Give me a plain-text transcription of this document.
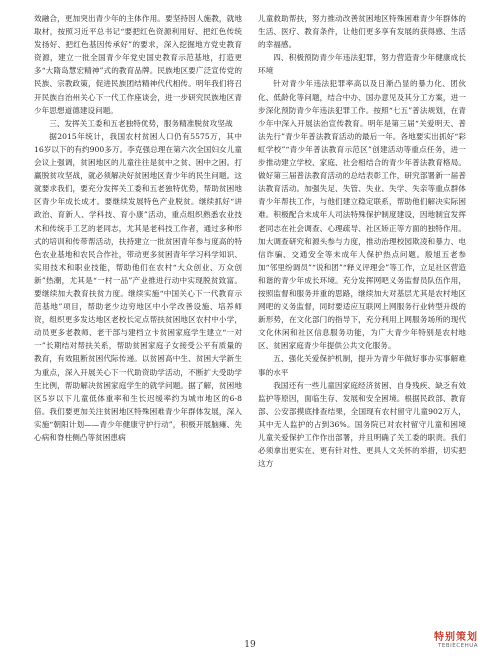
效融合，更加突出青少年的主体作用。要坚持因人施教，就地取材，按照习近平总书记“要把红色资源利用好、把红色传统发扬好、把红色基因传承好”的要求，深入挖掘地方党史教育资源，建立一批全国青少年党史国史教育示范基地，打造更多“大隋岛慧宏精神”式的教育品牌。民族地区要广泛宣传党的民族、宗教政策，促进民族团结精神代代相传。明年我们将召开民族自治州关心下一代工作座谈会，进一步研究民族地区青少年思想道德建设问题。

三、发挥关工委和五老独特优势，服务精准脱贫攻坚战

据2015年统计，我国农村贫困人口仍有5575万，其中16岁以下的有约900多万。李克强总理在第六次全国妇女儿童会议上强调，贫困地区的儿童往往是贫中之贫、困中之困。打赢脱贫攻坚战，就必须解决好贫困地区青少年的民生问题。这就要求我们，要充分发挥关工委和五老独特优势，帮助贫困地区青少年成长成才。要继续发展特色产业脱贫。继续抓好“讲政治、育新人、学科技、育小康”活动，重点组织熟悉农业技术和传统手工艺的老同志，尤其是老科技工作者，通过多种形式的培训和传带帮活动，扶持建立一批贫困青年参与度高的特色农业基地和农民合作社，带动更多贫困青年学习科学知识、实用技术和职业技能，帮助他们在农村“大众创业、万众创新”热潮，尤其是“一村一品”产业推进行动中实现脱贫致富。要继续加大教育扶贫力度。继续实施“中国关心下一代教育示范基地”项目，帮助老少边穷地区中小学改善设施、培养师资，组织更多发达地区老校长定点帮扶贫困地区农村中小学，动员更多老教师、老干部与建档立卡贫困家庭学生建立“一对一”长期结对帮扶关系，帮助贫困家庭子女接受公平有质量的教育，有效阻断贫困代际传递。以贫困高中生、贫困大学新生为重点，深入开展关心下一代助资助学活动，不断扩大受助学生比例，帮助解决贫困家庭学生的就学问题。据了解，贫困地区5岁以下儿童低体重率和生长迟缓率约为城市地区的6-8倍。我们要更加关注贫困地区特殊困难青少年群体发展，深入实施“朝阳计划——青少年健康守护行动”，积极开展脑瘫、先心病和脊柱侧凸等贫困患病

儿童救助帮扶，努力推动改善贫困地区特殊困难青少年群体的生活、医疗、教育条件，让他们更多享有发展的获得感、生活的幸福感。

四、积极预防青少年违法犯罪，努力营造青少年健康成长环境

针对青少年违法犯罪率高以及日渐凸显的暴力化、团伙化、低龄化等问题，结合中办、国办意见及其分工方案，进一步深化预防青少年违法犯罪工作。按照“七五”普法规划，在青少年中深入开展法治宣传教育。明年是第三届“关爱明天、普法先行”青少年普法教育活动的最后一年。各地要实出抓好“彩虹学校”“青少年普法教育示范区”创建活动等重点任务，进一步推动建立学校、家庭、社会相结合的青少年普法教育格局。做好第三届普法教育活动的总结表彰工作，研究部署新一届普法教育活动。加强失足、失管、失业、失学、失亲等重点群体青少年帮扶工作，与他们建立稳定联系，帮助他们解决实际困难。积极配合未成年人司法特殊保护制度建设，因地制宜发挥老同志在社会调查、心理疏导、社区矫正等方面的独特作用。加大调查研究和源头参与力度，推动治理校园欺凌和暴力、电信诈骗、交通安全等未成年人保护热点问题。殷旭五老参加“邻里纷调员”“说和团”“释义评理会”等工作，立足社区营造和谐的青少年成长环境。充分发挥网吧义务监督员队伍作用，按照监督和服务并重的思路，继续加大对基层尤其是农村地区网吧的义务监督，同时要适应互联网上网服务行业转型升级的新形势，在文化部门的指导下，充分利用上网服务场所的现代文化休闲和社区信息服务功能，为广大青少年特别是农村地区、贫困家庭青少年提供公共文化服务。

五、强化关爱保护机制，提升为青少年做好事办实事解难事的水平

我国还有一些儿童因家庭经济贫困、自身残疾、缺乏有效监护等原因，面临生存、发展和安全困境。根据民政部、教育部、公安部摸底排查结果，全国现有农村留守儿童902万人，其中无人监护的占到36%。国务院已对农村留守儿童和困境儿童关爱保护工作作出部署，并且明确了关工委的职责。我们必须拿出更实在、更有针对性、更具人文关怀的举措，切实把这方

19
特别策划
TEBIECEHUA
